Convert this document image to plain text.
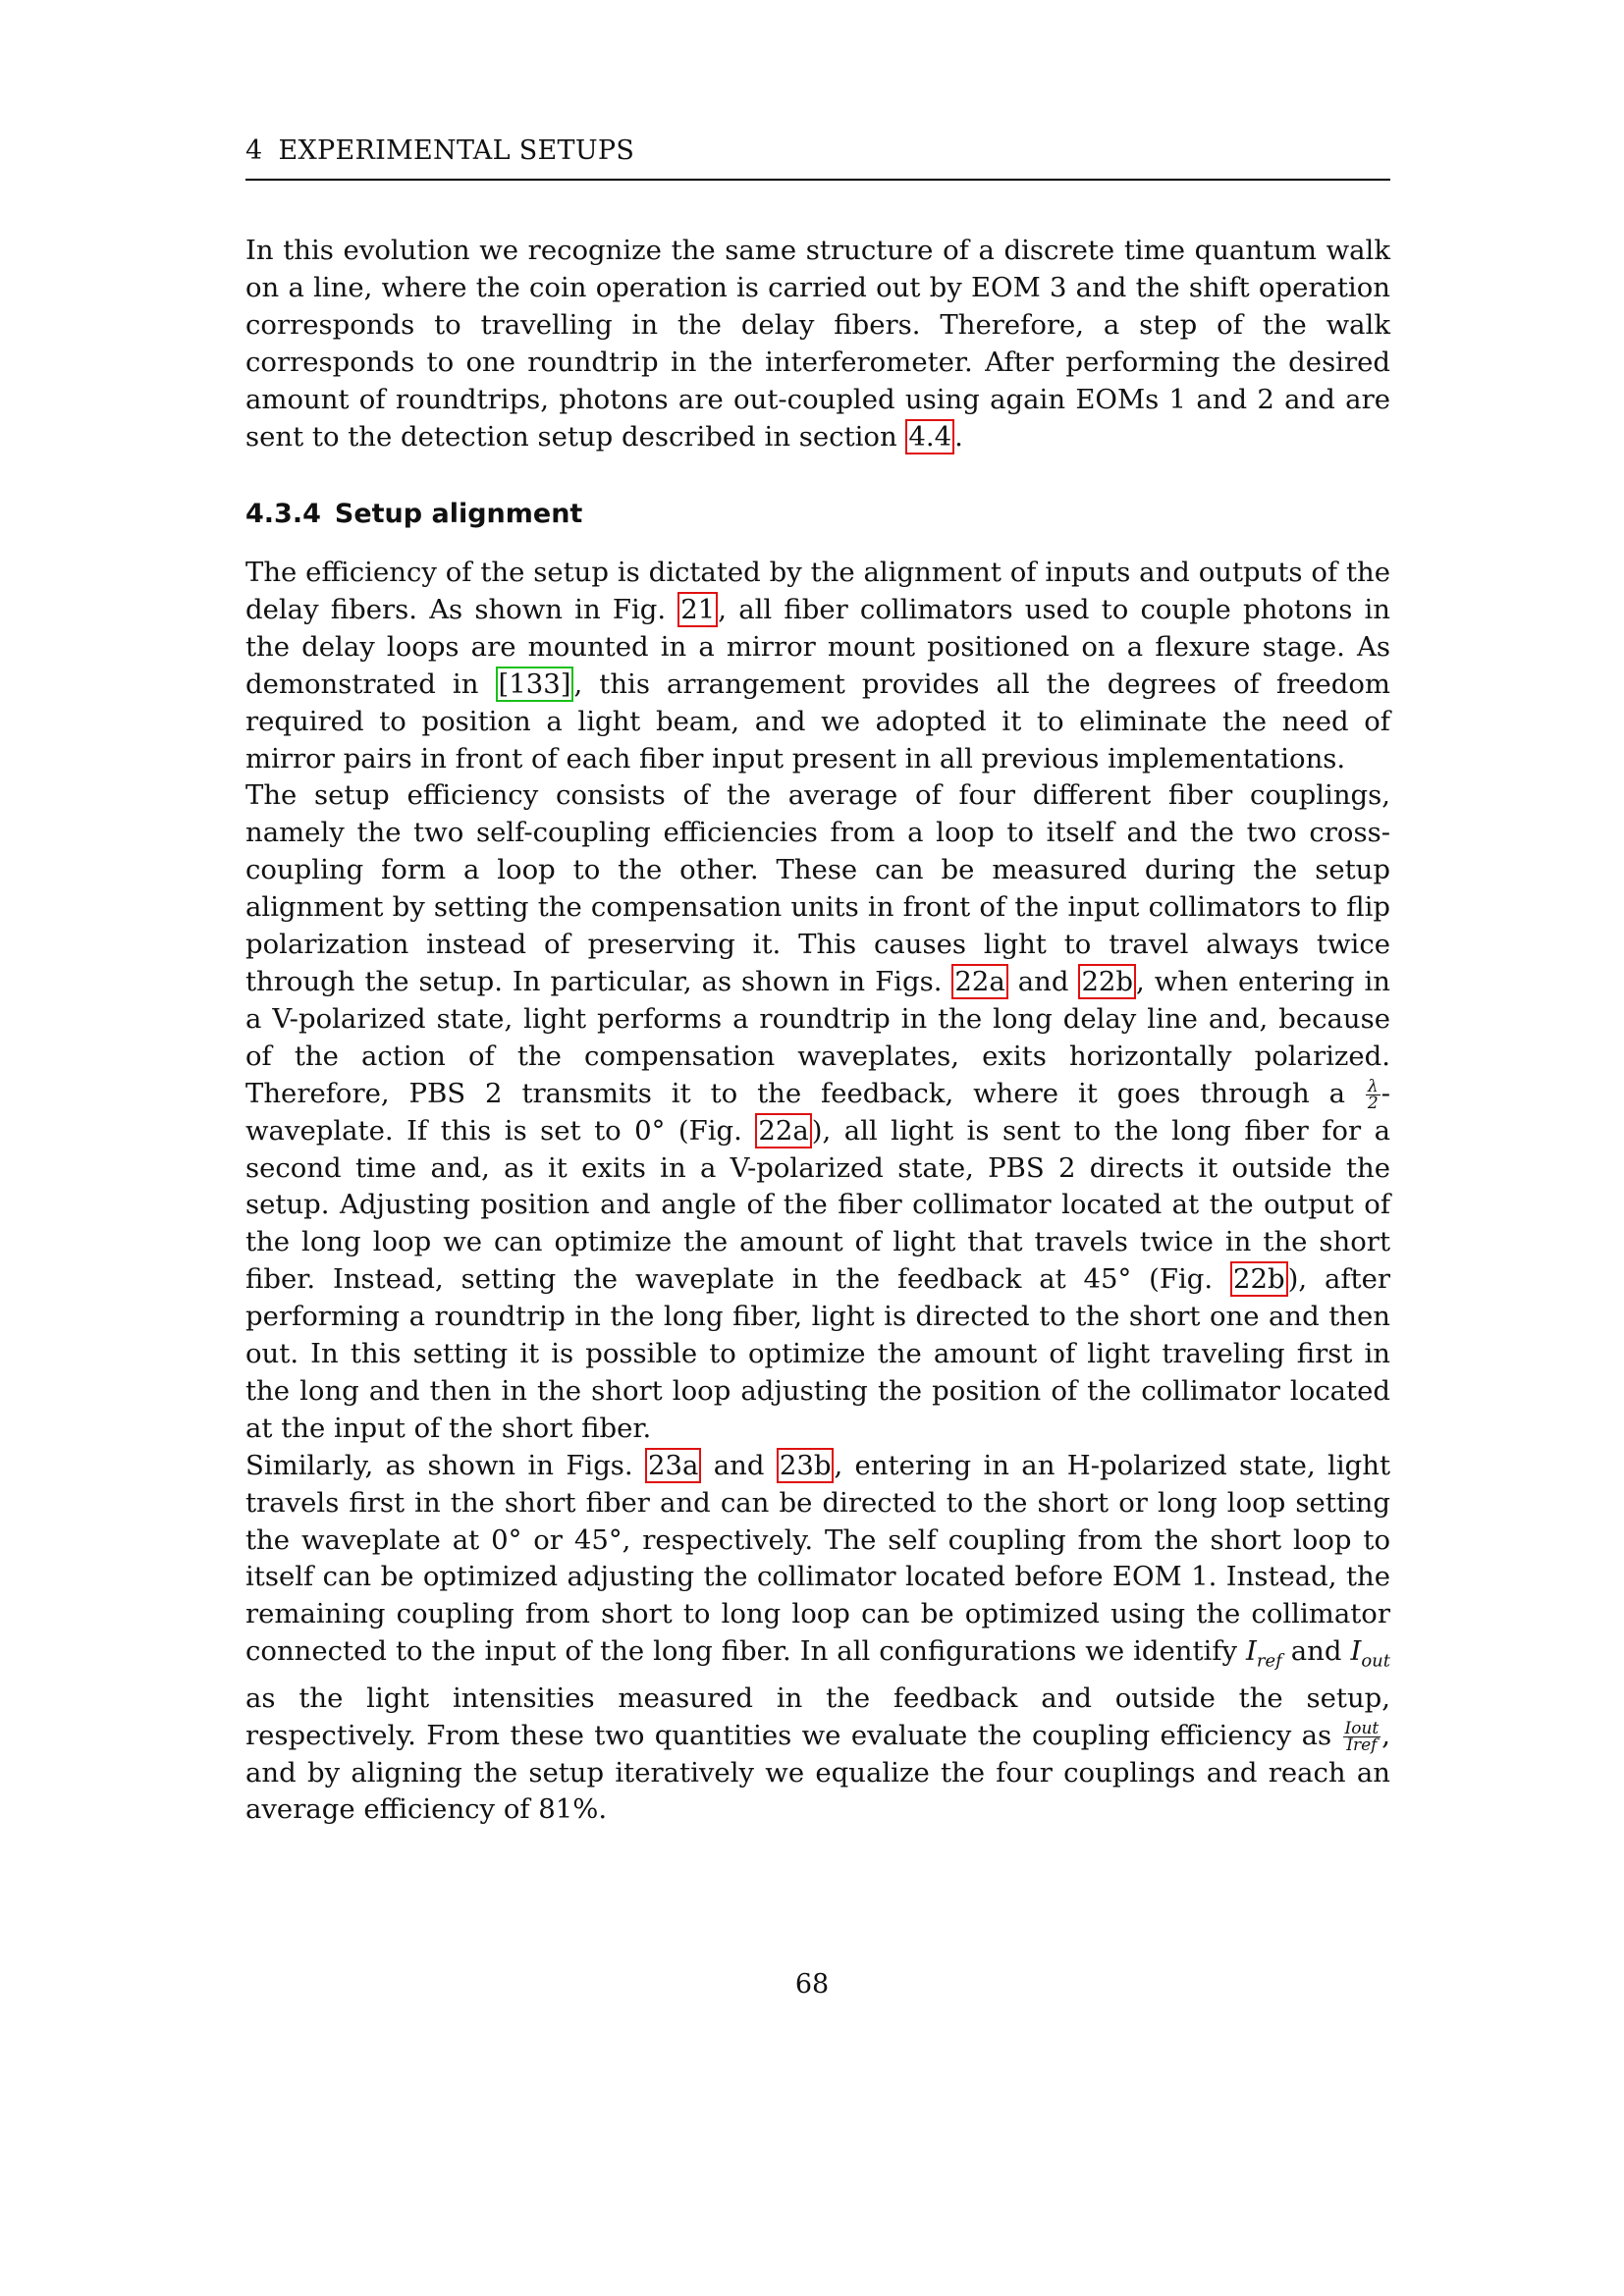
4 EXPERIMENTAL SETUPS

In this evolution we recognize the same structure of a discrete time quantum walk on a line, where the coin operation is carried out by EOM 3 and the shift operation corresponds to travelling in the delay fibers. Therefore, a step of the walk corresponds to one roundtrip in the interferometer. After performing the desired amount of roundtrips, photons are out-coupled using again EOMs 1 and 2 and are sent to the detection setup described in section 4.4 .

4.3.4 Setup alignment

The efficiency of the setup is dictated by the alignment of inputs and outputs of the delay fibers. As shown in Fig. 21 , all fiber collimators used to couple photons in the delay loops are mounted in a mirror mount positioned on a flexure stage. As demonstrated in [133] , this arrangement provides all the degrees of freedom required to position a light beam, and we adopted it to eliminate the need of mirror pairs in front of each fiber input present in all previous implementations.

The setup efficiency consists of the average of four different fiber couplings, namely the two self-coupling efficiencies from a loop to itself and the two cross-coupling form a loop to the other. These can be measured during the setup alignment by setting the compensation units in front of the input collimators to flip polarization instead of preserving it. This causes light to travel always twice through the setup. In particular, as shown in Figs. 22a and 22b , when entering in a V-polarized state, light performs a roundtrip in the long delay line and, because of the action of the compensation waveplates, exits horizontally polarized. Therefore, PBS 2 transmits it to the feedback, where it goes through a $\frac{\lambda}{2}$ -waveplate. If this is set to 0° (Fig. 22a ), all light is sent to the long fiber for a second time and, as it exits in a V-polarized state, PBS 2 directs it outside the setup. Adjusting position and angle of the fiber collimator located at the output of the long loop we can optimize the amount of light that travels twice in the short fiber. Instead, setting the waveplate in the feedback at 45° (Fig. 22b ), after performing a roundtrip in the long fiber, light is directed to the short one and then out. In this setting it is possible to optimize the amount of light traveling first in the long and then in the short loop adjusting the position of the collimator located at the input of the short fiber.

Similarly, as shown in Figs. 23a and 23b , entering in an H-polarized state, light travels first in the short fiber and can be directed to the short or long loop setting the waveplate at 0° or 45°, respectively. The self coupling from the short loop to itself can be optimized adjusting the collimator located before EOM 1. Instead, the remaining coupling from short to long loop can be optimized using the collimator connected to the input of the long fiber. In all configurations we identify $I_{ref}$ and $I_{out}$ as the light intensities measured in the feedback and outside the setup, respectively. From these two quantities we evaluate the coupling efficiency as $\frac{\text{Iout}}{\text{Iref}}$ , and by aligning the setup iteratively we equalize the four couplings and reach an average efficiency of 81%.

68
